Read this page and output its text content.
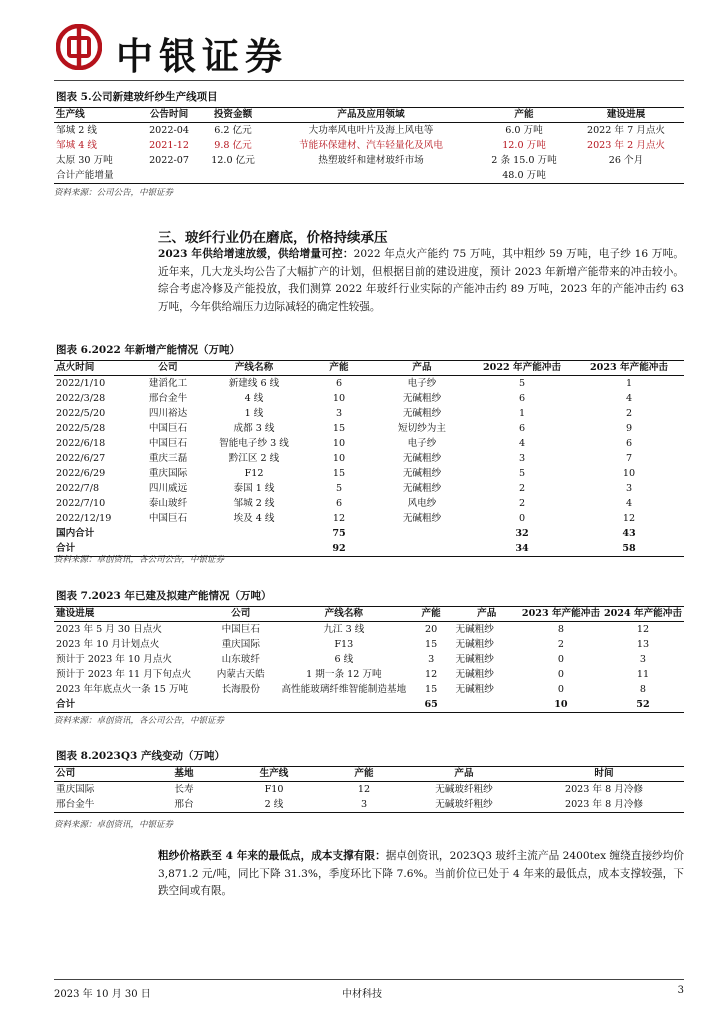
中银证券
图表 5.公司新建玻纤纱生产线项目
生产线	公告时间	投资金额	产品及应用领域	产能	建设进展
邹城 2 线	2022-04	6.2 亿元	大功率风电叶片及海上风电等	6.0 万吨	2022 年 7 月点火
邹城 4 线	2021-12	9.8 亿元	节能环保建材、汽车轻量化及风电	12.0 万吨	2023 年 2 月点火
太原 30 万吨	2022-07	12.0 亿元	热塑玻纤和建材玻纤市场	2 条 15.0 万吨	26 个月
合计产能增量				48.0 万吨	
资料来源：公司公告，中银证券
三、玻纤行业仍在磨底，价格持续承压
2023 年供给增速放缓，供给增量可控：2022 年点火产能约 75 万吨，其中粗纱 59 万吨，电子纱 16 万吨。近年来，几大龙头均公告了大幅扩产的计划，但根据目前的建设进度，预计 2023 年新增产能带来的冲击较小。综合考虑冷修及产能投放，我们测算 2022 年玻纤行业实际的产能冲击约 89 万吨，2023 年的产能冲击约 63 万吨，今年供给端压力边际减轻的确定性较强。
图表 6.2022 年新增产能情况（万吨）
点火时间	公司	产线名称	产能	产品	2022 年产能冲击	2023 年产能冲击
2022/1/10	建滔化工	新建线 6 线	6	电子纱	5	1
2022/3/28	邢台金牛	4 线	10	无碱粗纱	6	4
2022/5/20	四川裕达	1 线	3	无碱粗纱	1	2
2022/5/28	中国巨石	成都 3 线	15	短切纱为主	6	9
2022/6/18	中国巨石	智能电子纱 3 线	10	电子纱	4	6
2022/6/27	重庆三磊	黔江区 2 线	10	无碱粗纱	3	7
2022/6/29	重庆国际	F12	15	无碱粗纱	5	10
2022/7/8	四川威远	泰国 1 线	5	无碱粗纱	2	3
2022/7/10	泰山玻纤	邹城 2 线	6	风电纱	2	4
2022/12/19	中国巨石	埃及 4 线	12	无碱粗纱	0	12
国内合计			75		32	43
合计			92		34	58
资料来源：卓创资讯，各公司公告，中银证券
图表 7.2023 年已建及拟建产能情况（万吨）
建设进展	公司	产线名称	产能	产品	2023 年产能冲击	2024 年产能冲击
2023 年 5 月 30 日点火	中国巨石	九江 3 线	20	无碱粗纱	8	12
2023 年 10 月计划点火	重庆国际	F13	15	无碱粗纱	2	13
预计于 2023 年 10 月点火	山东玻纤	6 线	3	无碱粗纱	0	3
预计于 2023 年 11 月下旬点火	内蒙古天皓	1 期一条 12 万吨	12	无碱粗纱	0	11
2023 年年底点火一条 15 万吨	长海股份	高性能玻璃纤维智能制造基地	15	无碱粗纱	0	8
合计			65		10	52
资料来源：卓创资讯，各公司公告，中银证券
图表 8.2023Q3 产线变动（万吨）
公司	基地	生产线	产能	产品	时间
重庆国际	长寿	F10	12	无碱玻纤粗纱	2023 年 8 月冷修
邢台金牛	邢台	2 线	3	无碱玻纤粗纱	2023 年 8 月冷修
资料来源：卓创资讯，中银证券
粗纱价格跌至 4 年来的最低点，成本支撑有限：据卓创资讯，2023Q3 玻纤主流产品 2400tex 缠绕直接纱均价 3,871.2 元/吨，同比下降 31.3%，季度环比下降 7.6%。当前价位已处于 4 年来的最低点，成本支撑较强，下跌空间或有限。
2023 年 10 月 30 日	中材科技	3
